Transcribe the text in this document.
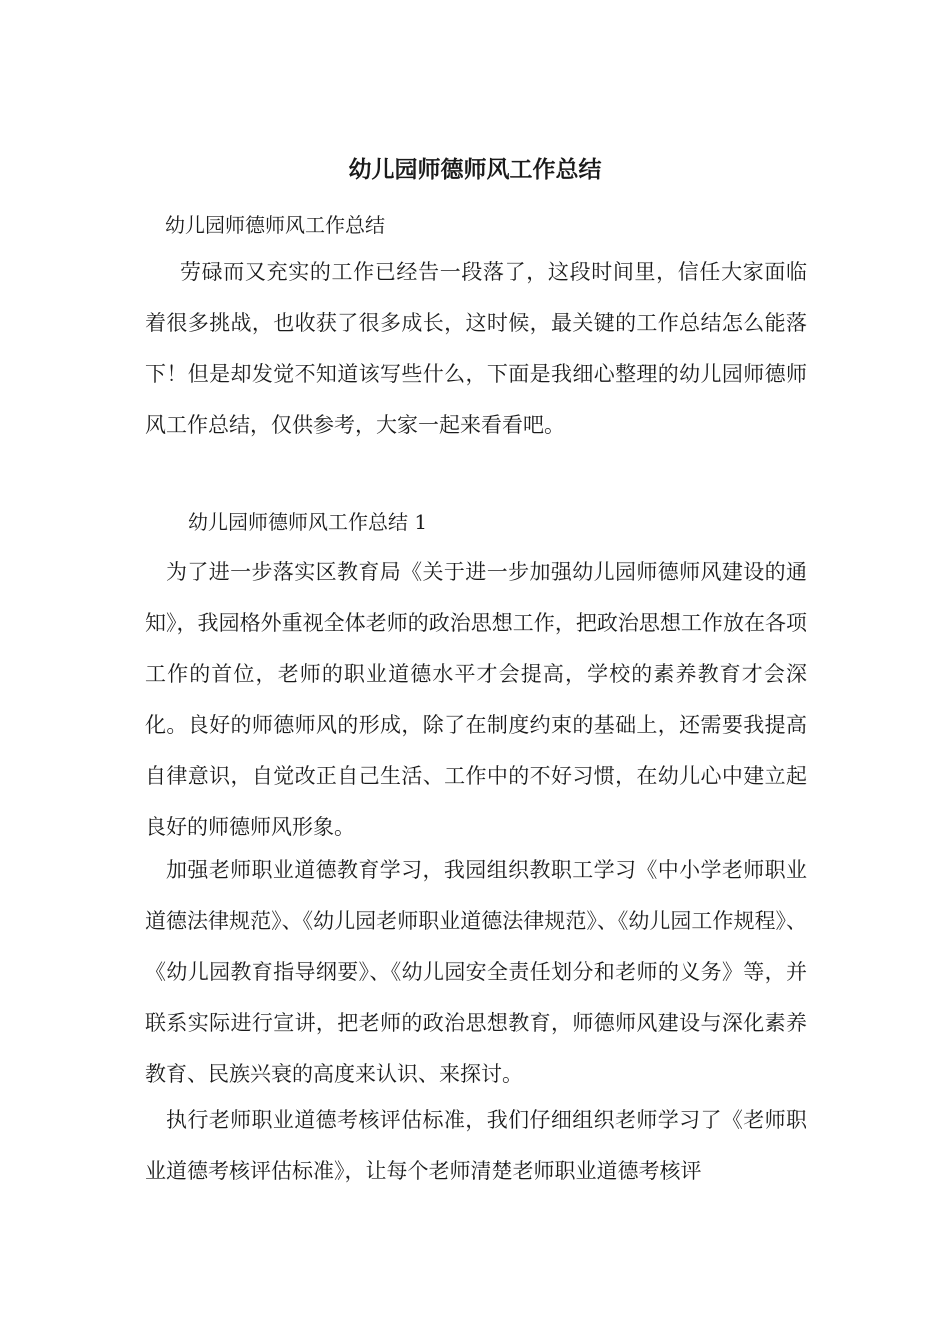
幼儿园师德师风工作总结

幼儿园师德师风工作总结

劳碌而又充实的工作已经告一段落了，这段时间里，信任大家面临着很多挑战，也收获了很多成长，这时候，最关键的工作总结怎么能落下！但是却发觉不知道该写些什么，下面是我细心整理的幼儿园师德师风工作总结，仅供参考，大家一起来看看吧。

幼儿园师德师风工作总结 1

为了进一步落实区教育局《关于进一步加强幼儿园师德师风建设的通知》，我园格外重视全体老师的政治思想工作，把政治思想工作放在各项工作的首位，老师的职业道德水平才会提高，学校的素养教育才会深化。良好的师德师风的形成，除了在制度约束的基础上，还需要我提高自律意识，自觉改正自己生活、工作中的不好习惯，在幼儿心中建立起良好的师德师风形象。

加强老师职业道德教育学习，我园组织教职工学习《中小学老师职业道德法律规范》、《幼儿园老师职业道德法律规范》、《幼儿园工作规程》、《幼儿园教育指导纲要》、《幼儿园安全责任划分和老师的义务》等，并联系实际进行宣讲，把老师的政治思想教育，师德师风建设与深化素养教育、民族兴衰的高度来认识、来探讨。

执行老师职业道德考核评估标准，我们仔细组织老师学习了《老师职业道德考核评估标准》，让每个老师清楚老师职业道德考核评
